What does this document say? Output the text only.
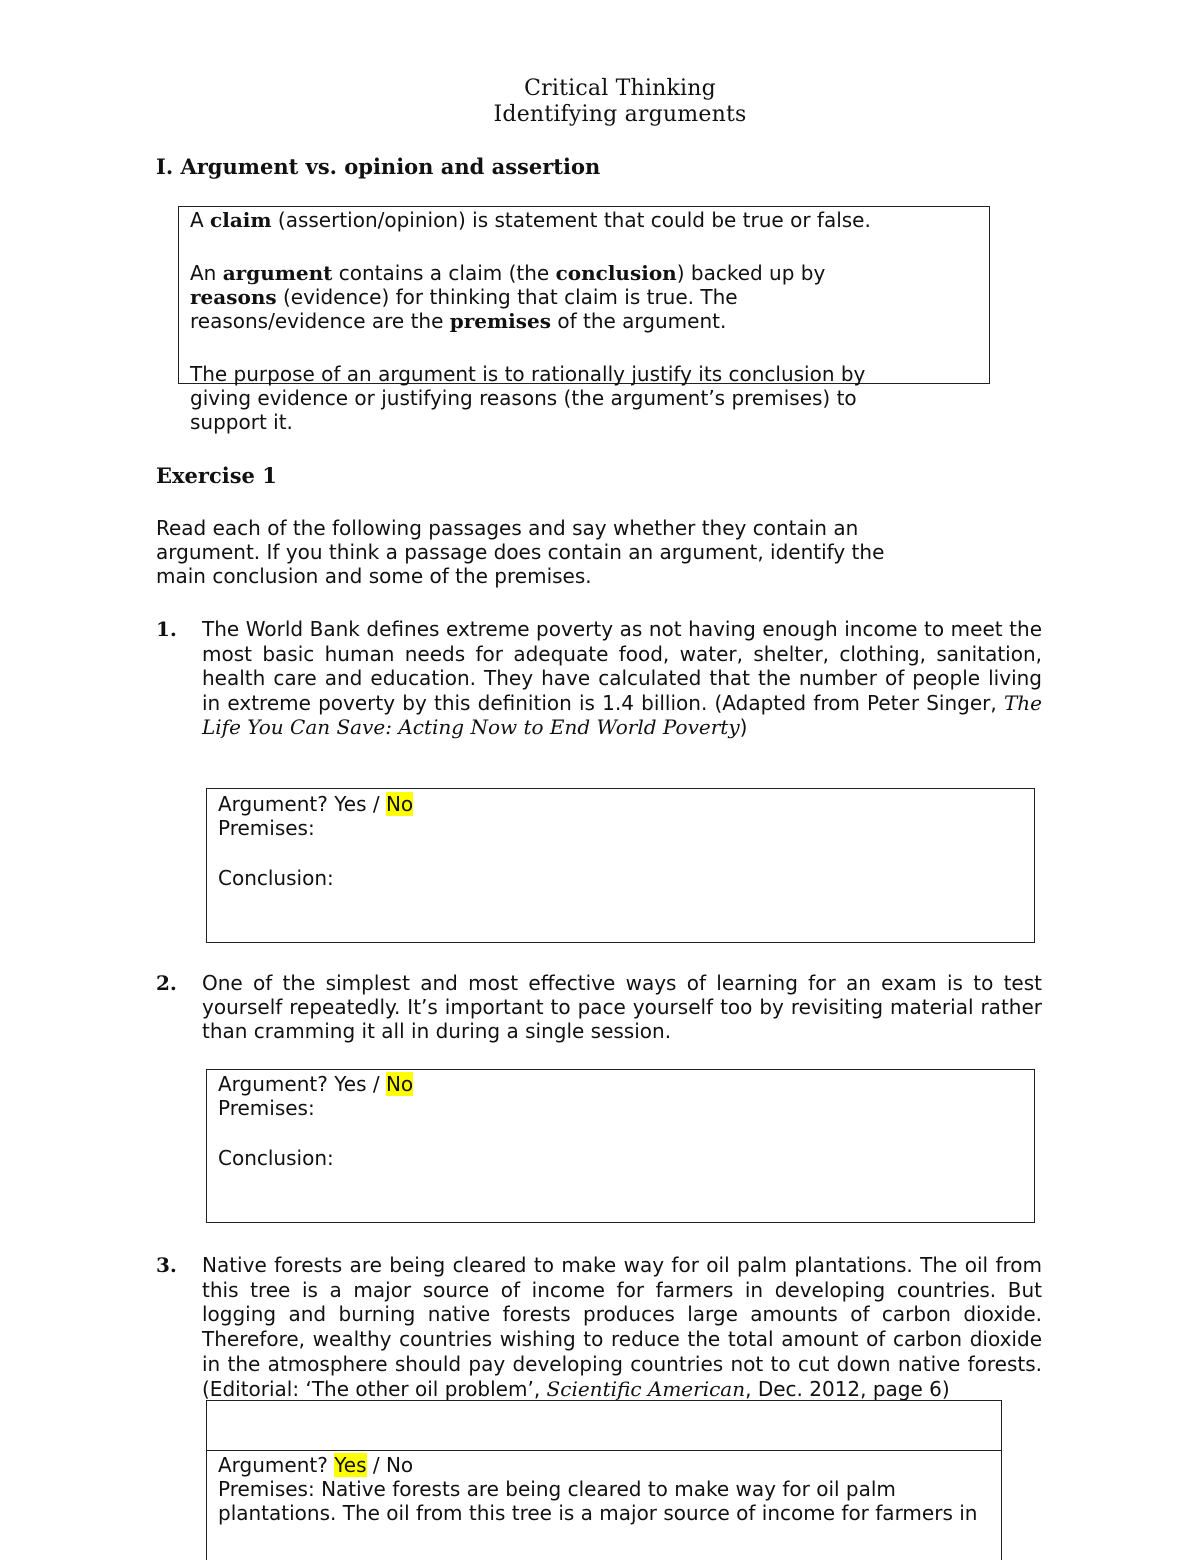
Critical Thinking
Identifying arguments
I. Argument vs. opinion and assertion
A claim (assertion/opinion) is statement that could be true or false.
An argument contains a claim (the conclusion) backed up by
reasons (evidence) for thinking that claim is true. The
reasons/evidence are the premises of the argument.
The purpose of an argument is to rationally justify its conclusion by
giving evidence or justifying reasons (the argument’s premises) to
support it.
Exercise 1
Read each of the following passages and say whether they contain an
argument. If you think a passage does contain an argument, identify the
main conclusion and some of the premises.
1. The World Bank defines extreme poverty as not having enough income to meet the most basic human needs for adequate food, water, shelter, clothing, sanitation, health care and education. They have calculated that the number of people living in extreme poverty by this definition is 1.4 billion. (Adapted from Peter Singer, The Life You Can Save: Acting Now to End World Poverty)

Argument? Yes / No
Premises:
Conclusion:
2. One of the simplest and most effective ways of learning for an exam is to test yourself repeatedly. It’s important to pace yourself too by revisiting material rather than cramming it all in during a single session.

Argument? Yes / No
Premises:
Conclusion:
3. Native forests are being cleared to make way for oil palm plantations. The oil from this tree is a major source of income for farmers in developing countries. But logging and burning native forests produces large amounts of carbon dioxide. Therefore, wealthy countries wishing to reduce the total amount of carbon dioxide in the atmosphere should pay developing countries not to cut down native forests. (Editorial: ‘The other oil problem’, Scientific American, Dec. 2012, page 6)

Argument? Yes / No
Premises: Native forests are being cleared to make way for oil palm
plantations. The oil from this tree is a major source of income for farmers in
